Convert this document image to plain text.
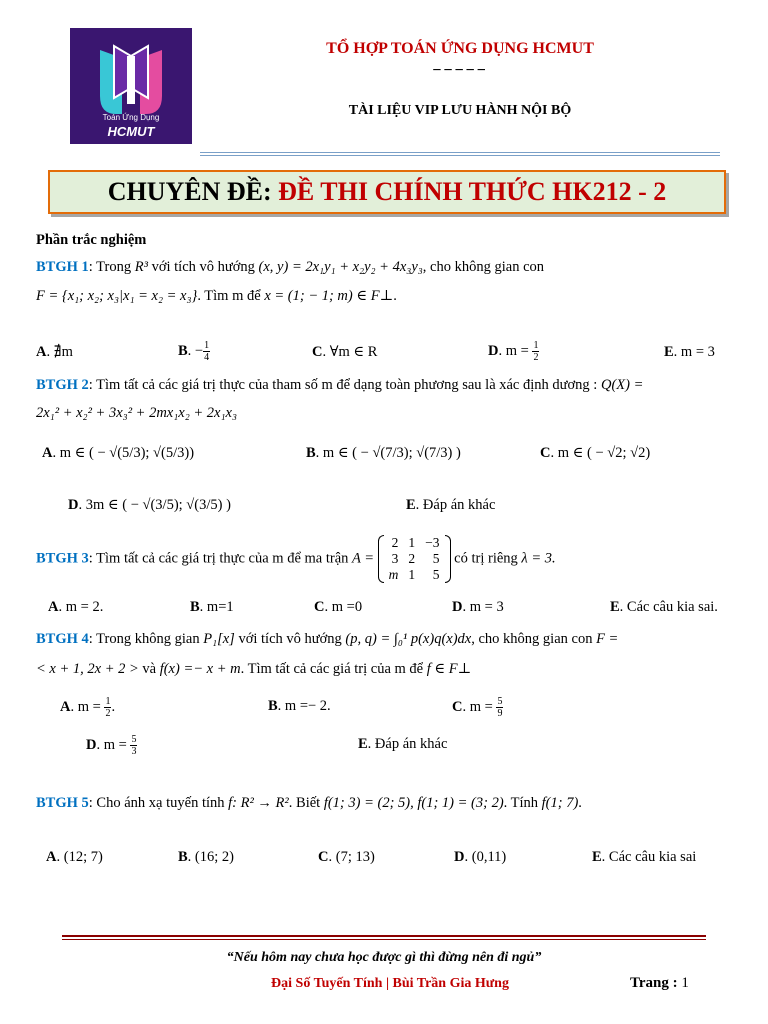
Toán Ứng Dụng
HCMUT
TỔ HỢP TOÁN ỨNG DỤNG HCMUT
−−−−−
TÀI LIỆU VIP LƯU HÀNH NỘI BỘ
CHUYÊN ĐỀ: ĐỀ THI CHÍNH THỨC HK212 - 2
Phần trắc nghiệm
BTGH 1: Trong R³ với tích vô hướng (x, y) = 2x₁y₁ + x₂y₂ + 4x₃y₃, cho không gian con
F = {x₁; x₂; x₃|x₁ = x₂ = x₃}. Tìm m để x = (1; − 1; m) ∈ F⊥.
A. ∄m	B. − $\frac{1}{4}$	C. ∀m ∈ R	D. $m = \frac{1}{2}$	E. m = 3
BTGH 2: Tìm tất cả các giá trị thực của tham số m để dạng toàn phương sau là xác định dương : Q(X) =
2x₁² + x₂² + 3x₃² + 2mx₁x₂ + 2x₁x₃
A. m ∈ ( − √(5/3); √(5/3))	B. m ∈ ( − √(7/3); √(7/3) )	C. m ∈ ( − √2; √2)
D. 3m ∈ ( − √(3/5); √(3/5) )	E. Đáp án khác
BTGH 3: Tìm tất cả các giá trị thực của m để ma trận A =
2	1	−3
3	2	5
m	1	5
có trị riêng λ = 3.
A. m = 2.	B. m=1	C. m =0	D. m = 3	E. Các câu kia sai.
BTGH 4: Trong không gian P₁[x] với tích vô hướng (p, q) = ∫₀¹ p(x)q(x)dx, cho không gian con F =
< x + 1, 2x + 2 > và f(x) =− x + m. Tìm tất cả các giá trị của m để f ∈ F⊥
A. $m = \frac{1}{2}$ .	B. m =− 2.	C. $m = \frac{5}{9}$
D. $m = \frac{5}{3}$	E. Đáp án khác
BTGH 5: Cho ánh xạ tuyến tính f: R² → R². Biết f(1; 3) = (2; 5), f(1; 1) = (3; 2). Tính f(1; 7).
A. (12; 7)	B. (16; 2)	C. (7; 13)	D. (0,11)	E. Các câu kia sai
“Nếu hôm nay chưa học được gì thì đừng nên đi ngủ”
Đại Số Tuyến Tính | Bùi Trần Gia Hưng	Trang : 1
